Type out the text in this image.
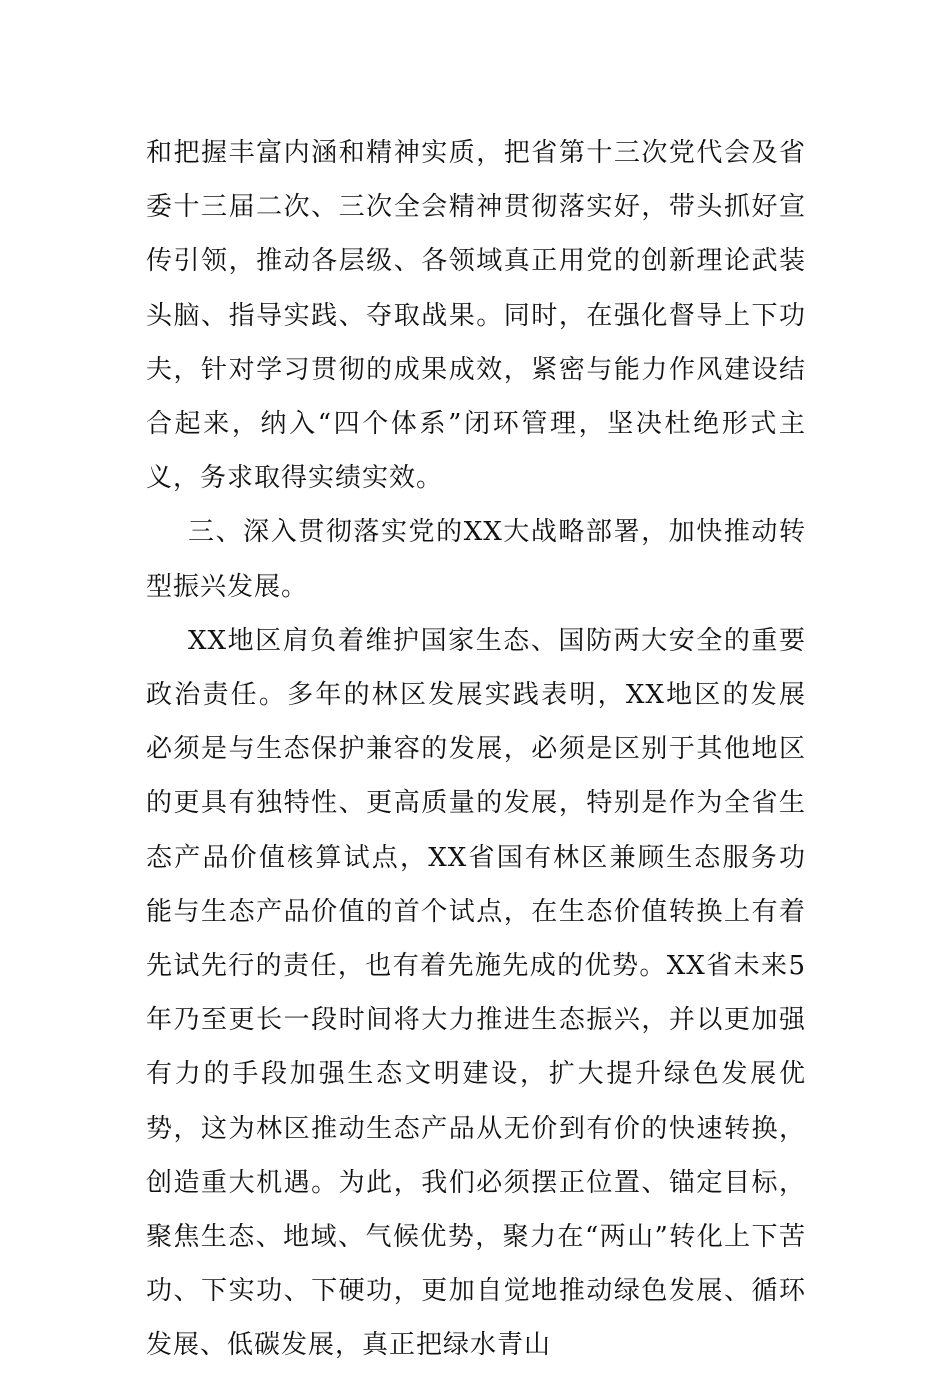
和把握丰富内涵和精神实质，把省第十三次党代会及省委十三届二次、三次全会精神贯彻落实好，带头抓好宣传引领，推动各层级、各领域真正用党的创新理论武装头脑、指导实践、夺取战果。同时，在强化督导上下功夫，针对学习贯彻的成果成效，紧密与能力作风建设结合起来，纳入“四个体系”闭环管理，坚决杜绝形式主义，务求取得实绩实效。

三、深入贯彻落实党的XX大战略部署，加快推动转型振兴发展。

XX地区肩负着维护国家生态、国防两大安全的重要政治责任。多年的林区发展实践表明，XX地区的发展必须是与生态保护兼容的发展，必须是区别于其他地区的更具有独特性、更高质量的发展，特别是作为全省生态产品价值核算试点，XX省国有林区兼顾生态服务功能与生态产品价值的首个试点，在生态价值转换上有着先试先行的责任，也有着先施先成的优势。XX省未来5年乃至更长一段时间将大力推进生态振兴，并以更加强有力的手段加强生态文明建设，扩大提升绿色发展优势，这为林区推动生态产品从无价到有价的快速转换，创造重大机遇。为此，我们必须摆正位置、锚定目标，聚焦生态、地域、气候优势，聚力在“两山”转化上下苦功、下实功、下硬功，更加自觉地推动绿色发展、循环发展、低碳发展，真正把绿水青山
